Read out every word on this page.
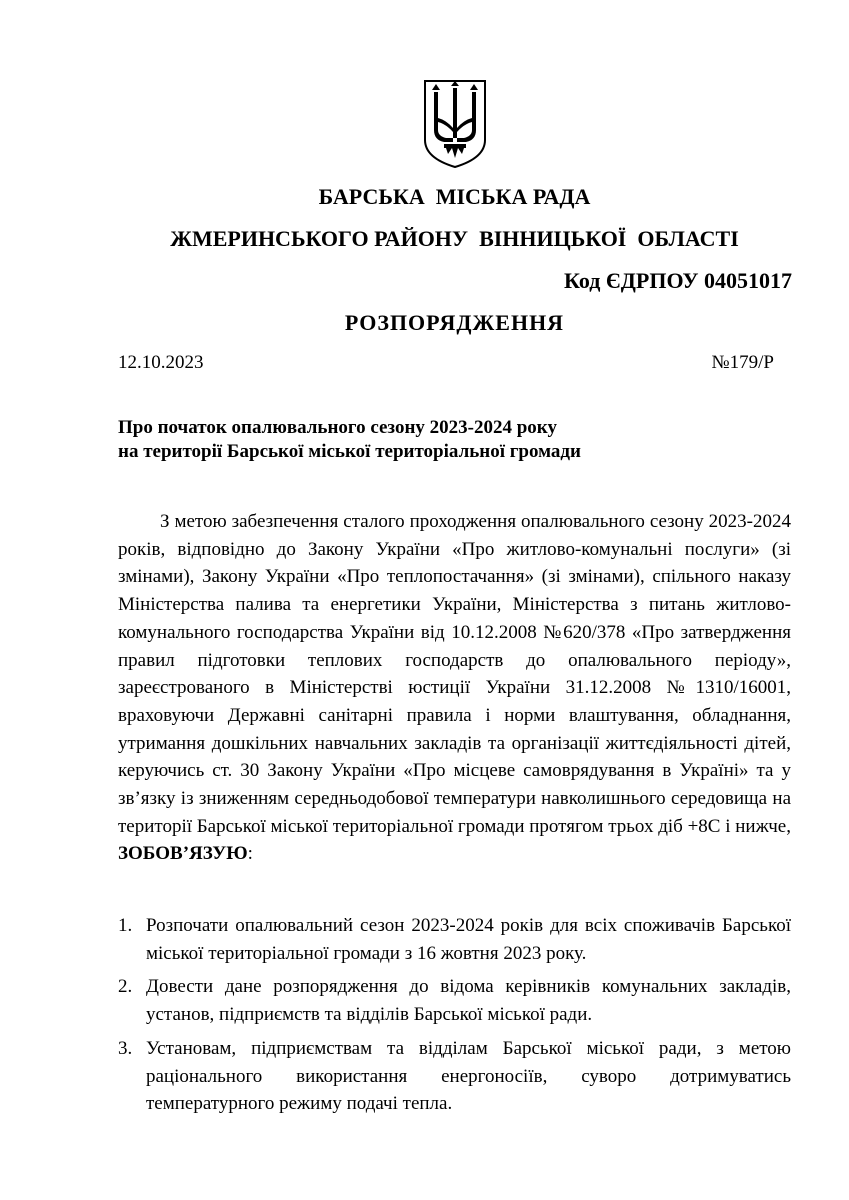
БАРСЬКА  МІСЬКА РАДА
ЖМЕРИНСЬКОГО РАЙОНУ  ВІННИЦЬКОЇ  ОБЛАСТІ
Код ЄДРПОУ 04051017
РОЗПОРЯДЖЕННЯ
12.10.2023	№179/Р
Про початок опалювального сезону 2023-2024 року
на території Барської міської територіальної громади

З метою забезпечення сталого проходження опалювального сезону 2023-2024 років, відповідно до Закону України «Про житлово-комунальні послуги» (зі змінами), Закону України «Про теплопостачання» (зі змінами), спільного наказу Міністерства палива та енергетики України, Міністерства з питань житлово-комунального господарства України від 10.12.2008 №620/378 «Про затвердження правил підготовки теплових господарств до опалювального періоду», зареєстрованого в Міністерстві юстиції України 31.12.2008 №1310/16001, враховуючи Державні санітарні правила і норми влаштування, обладнання, утримання дошкільних навчальних закладів та організації життєдіяльності дітей, керуючись ст. 30 Закону України «Про місцеве самоврядування в Україні» та у зв’язку із зниженням середньодобової температури навколишнього середовища на території Барської міської територіальної громади протягом трьох діб +8С і нижче, ЗОБОВ’ЯЗУЮ:

1. Розпочати опалювальний сезон 2023-2024 років для всіх споживачів Барської міської територіальної громади з 16 жовтня 2023 року.
2. Довести дане розпорядження до відома керівників комунальних закладів, установ, підприємств та відділів Барської міської ради.
3. Установам, підприємствам та відділам Барської міської ради, з метою раціонального використання енергоносіїв, суворо дотримуватись температурного режиму подачі тепла.
